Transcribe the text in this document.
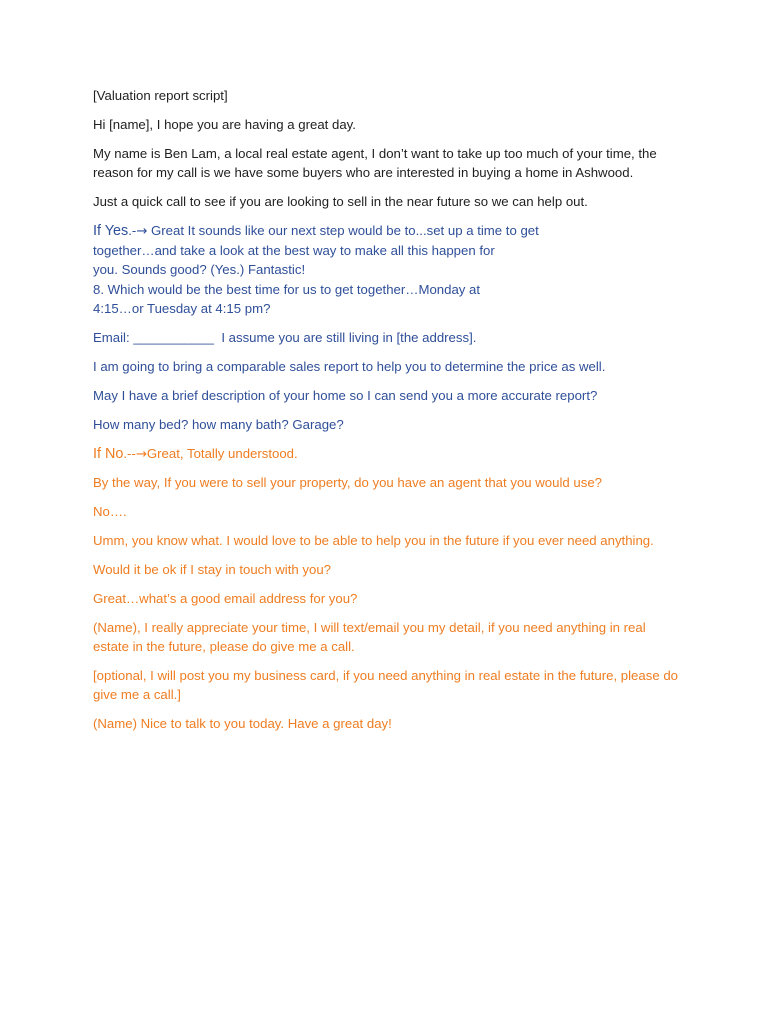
[Valuation report script]

Hi [name], I hope you are having a great day.

My name is Ben Lam, a local real estate agent, I don’t want to take up too much of your time, the reason for my call is we have some buyers who are interested in buying a home in Ashwood.

Just a quick call to see if you are looking to sell in the near future so we can help out.

If Yes.-→ Great It sounds like our next step would be to...set up a time to get
together…and take a look at the best way to make all this happen for
you. Sounds good? (Yes.) Fantastic!
8. Which would be the best time for us to get together…Monday at
4:15…or Tuesday at 4:15 pm?

Email: ___________  I assume you are still living in [the address].

I am going to bring a comparable sales report to help you to determine the price as well.

May I have a brief description of your home so I can send you a more accurate report?

How many bed? how many bath? Garage?

If No.--→Great, Totally understood.

By the way, If you were to sell your property, do you have an agent that you would use?

No….

Umm, you know what. I would love to be able to help you in the future if you ever need anything.

Would it be ok if I stay in touch with you?

Great…what’s a good email address for you?

(Name), I really appreciate your time, I will text/email you my detail, if you need anything in real estate in the future, please do give me a call.

[optional, I will post you my business card, if you need anything in real estate in the future, please do give me a call.]

(Name) Nice to talk to you today. Have a great day!
